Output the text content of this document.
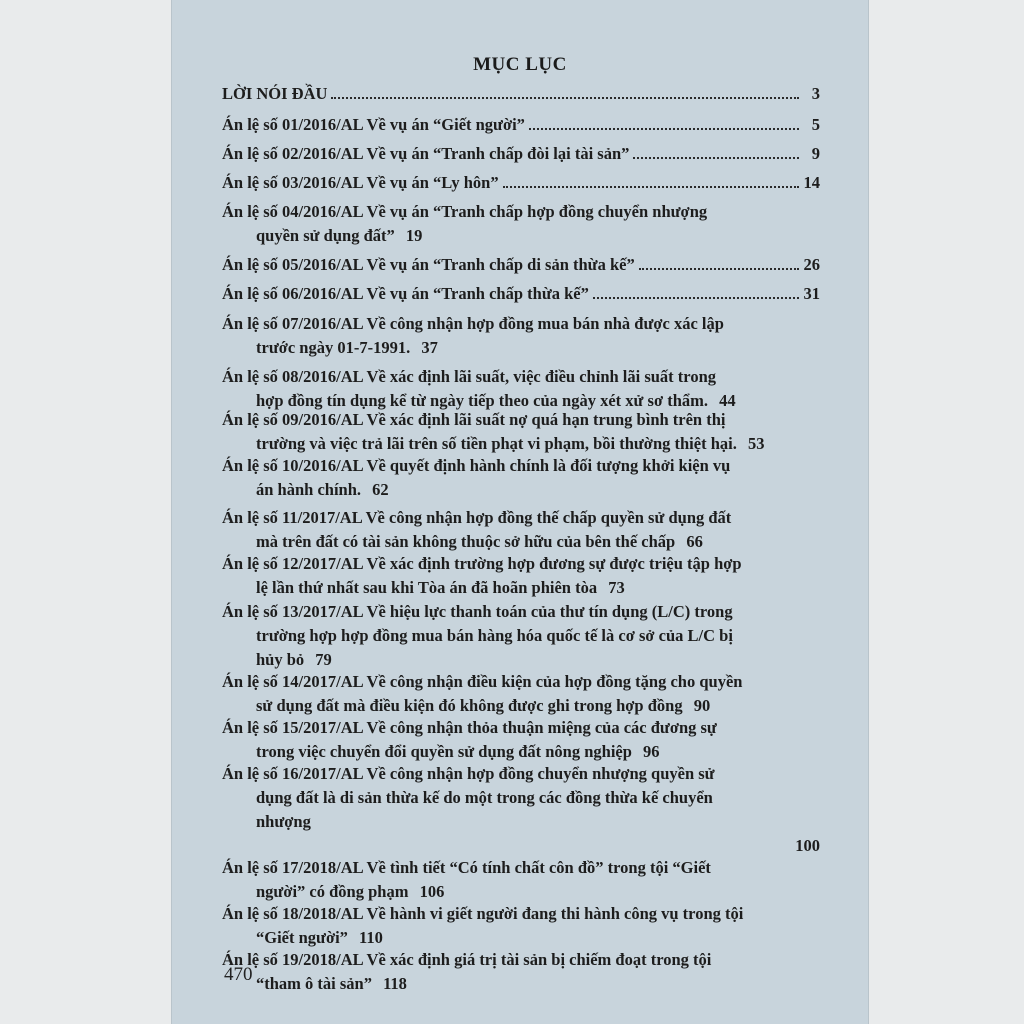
MỤC LỤC
LỜI NÓI ĐẦU	3
Án lệ số 01/2016/AL Về vụ án “Giết người”	5
Án lệ số 02/2016/AL Về vụ án “Tranh chấp đòi lại tài sản”	9
Án lệ số 03/2016/AL Về vụ án “Ly hôn”	14
Án lệ số 04/2016/AL Về vụ án “Tranh chấp hợp đồng chuyển nhượng
quyền sử dụng đất” 19
Án lệ số 05/2016/AL Về vụ án “Tranh chấp di sản thừa kế”	26
Án lệ số 06/2016/AL Về vụ án “Tranh chấp thừa kế”	31
Án lệ số 07/2016/AL Về công nhận hợp đồng mua bán nhà được xác lập
trước ngày 01-7-1991. 37
Án lệ số 08/2016/AL Về xác định lãi suất, việc điều chỉnh lãi suất trong
hợp đồng tín dụng kể từ ngày tiếp theo của ngày xét xử sơ thẩm. 44
Án lệ số 09/2016/AL Về xác định lãi suất nợ quá hạn trung bình trên thị
trường và việc trả lãi trên số tiền phạt vi phạm, bồi thường thiệt hại. 53
Án lệ số 10/2016/AL Về quyết định hành chính là đối tượng khởi kiện vụ
án hành chính. 62
Án lệ số 11/2017/AL Về công nhận hợp đồng thế chấp quyền sử dụng đất
mà trên đất có tài sản không thuộc sở hữu của bên thế chấp 66
Án lệ số 12/2017/AL Về xác định trường hợp đương sự được triệu tập hợp
lệ lần thứ nhất sau khi Tòa án đã hoãn phiên tòa 73
Án lệ số 13/2017/AL Về hiệu lực thanh toán của thư tín dụng (L/C) trong
trường hợp hợp đồng mua bán hàng hóa quốc tế là cơ sở của L/C bị
hủy bỏ 79
Án lệ số 14/2017/AL Về công nhận điều kiện của hợp đồng tặng cho quyền
sử dụng đất mà điều kiện đó không được ghi trong hợp đồng 90
Án lệ số 15/2017/AL Về công nhận thỏa thuận miệng của các đương sự
trong việc chuyển đổi quyền sử dụng đất nông nghiệp 96
Án lệ số 16/2017/AL Về công nhận hợp đồng chuyển nhượng quyền sử
dụng đất là di sản thừa kế do một trong các đồng thừa kế chuyển
nhượng
100
Án lệ số 17/2018/AL Về tình tiết “Có tính chất côn đồ” trong tội “Giết
người” có đồng phạm 106
Án lệ số 18/2018/AL Về hành vi giết người đang thi hành công vụ trong tội
“Giết người” 110
Án lệ số 19/2018/AL Về xác định giá trị tài sản bị chiếm đoạt trong tội
“tham ô tài sản” 118
470
